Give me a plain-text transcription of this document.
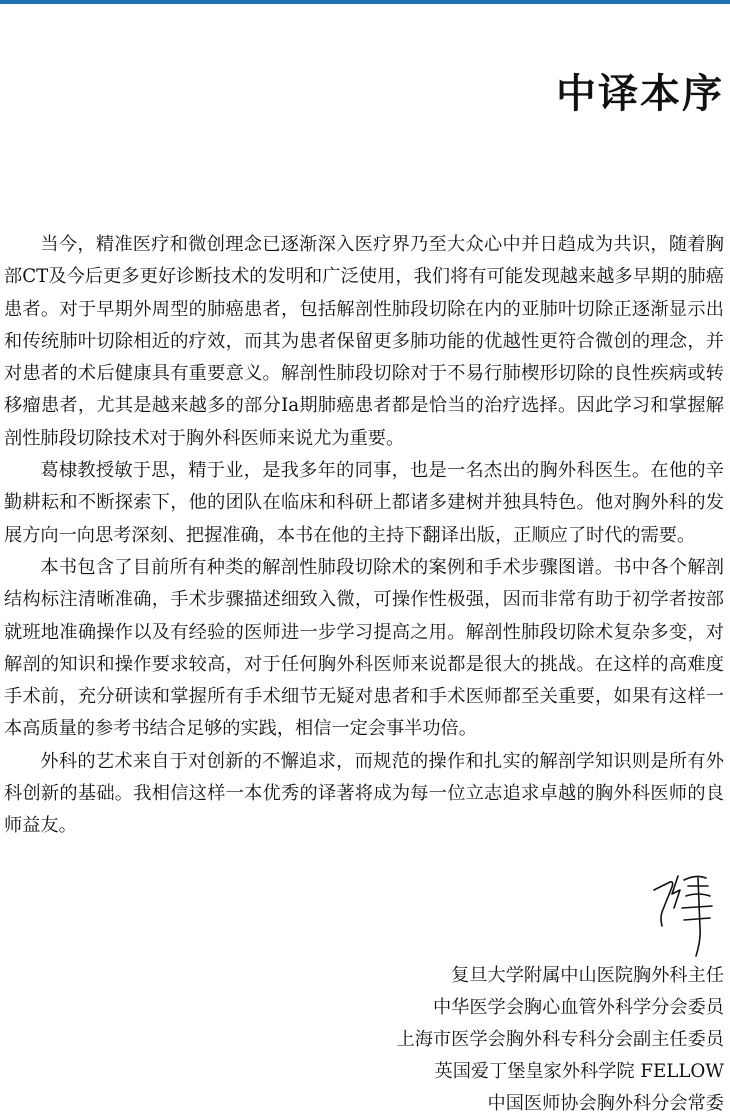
中译本序

当今，精准医疗和微创理念已逐渐深入医疗界乃至大众心中并日趋成为共识，随着胸部CT及今后更多更好诊断技术的发明和广泛使用，我们将有可能发现越来越多早期的肺癌患者。对于早期外周型的肺癌患者，包括解剖性肺段切除在内的亚肺叶切除正逐渐显示出和传统肺叶切除相近的疗效，而其为患者保留更多肺功能的优越性更符合微创的理念，并对患者的术后健康具有重要意义。解剖性肺段切除对于不易行肺楔形切除的良性疾病或转移瘤患者，尤其是越来越多的部分Ia期肺癌患者都是恰当的治疗选择。因此学习和掌握解剖性肺段切除技术对于胸外科医师来说尤为重要。

葛棣教授敏于思，精于业，是我多年的同事，也是一名杰出的胸外科医生。在他的辛勤耕耘和不断探索下，他的团队在临床和科研上都诸多建树并独具特色。他对胸外科的发展方向一向思考深刻、把握准确，本书在他的主持下翻译出版，正顺应了时代的需要。

本书包含了目前所有种类的解剖性肺段切除术的案例和手术步骤图谱。书中各个解剖结构标注清晰准确，手术步骤描述细致入微，可操作性极强，因而非常有助于初学者按部就班地准确操作以及有经验的医师进一步学习提高之用。解剖性肺段切除术复杂多变，对解剖的知识和操作要求较高，对于任何胸外科医师来说都是很大的挑战。在这样的高难度手术前，充分研读和掌握所有手术细节无疑对患者和手术医师都至关重要，如果有这样一本高质量的参考书结合足够的实践，相信一定会事半功倍。

外科的艺术来自于对创新的不懈追求，而规范的操作和扎实的解剖学知识则是所有外科创新的基础。我相信这样一本优秀的译著将成为每一位立志追求卓越的胸外科医师的良师益友。

复旦大学附属中山医院胸外科主任
中华医学会胸心血管外科学分会委员
上海市医学会胸外科专科分会副主任委员
英国爱丁堡皇家外科学院 FELLOW
中国医师协会胸外科分会常委
